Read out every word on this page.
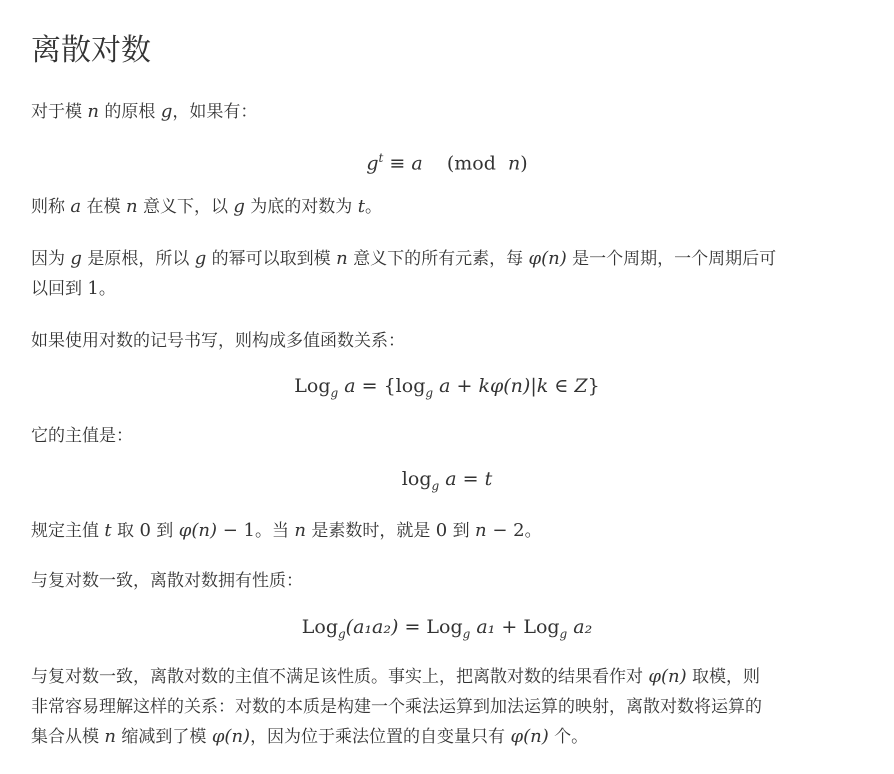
离散对数

对于模 n 的原根 g，如果有：

$g^t \equiv a$    (mod n)

则称 a 在模 n 意义下，以 g 为底的对数为 t。

因为 g 是原根，所以 g 的幂可以取到模 n 意义下的所有元素，每 φ(n) 是一个周期，一个周期后可
以回到 1。

如果使用对数的记号书写，则构成多值函数关系：

Log$_g$ $a = \{\log_g$ a + kφ(n)|k ∈ Z}

它的主值是：

$\log_g a = t$

规定主值 t 取 0 到 φ(n) − 1。当 n 是素数时，就是 0 到 n − 2。

与复对数一致，离散对数拥有性质：

Log$_g$(a₁a₂) = Log$_g$ a₁ + Log$_g$ a₂

与复对数一致，离散对数的主值不满足该性质。事实上，把离散对数的结果看作对 φ(n) 取模，则
非常容易理解这样的关系：对数的本质是构建一个乘法运算到加法运算的映射，离散对数将运算的
集合从模 n 缩减到了模 φ(n)，因为位于乘法位置的自变量只有 φ(n) 个。
